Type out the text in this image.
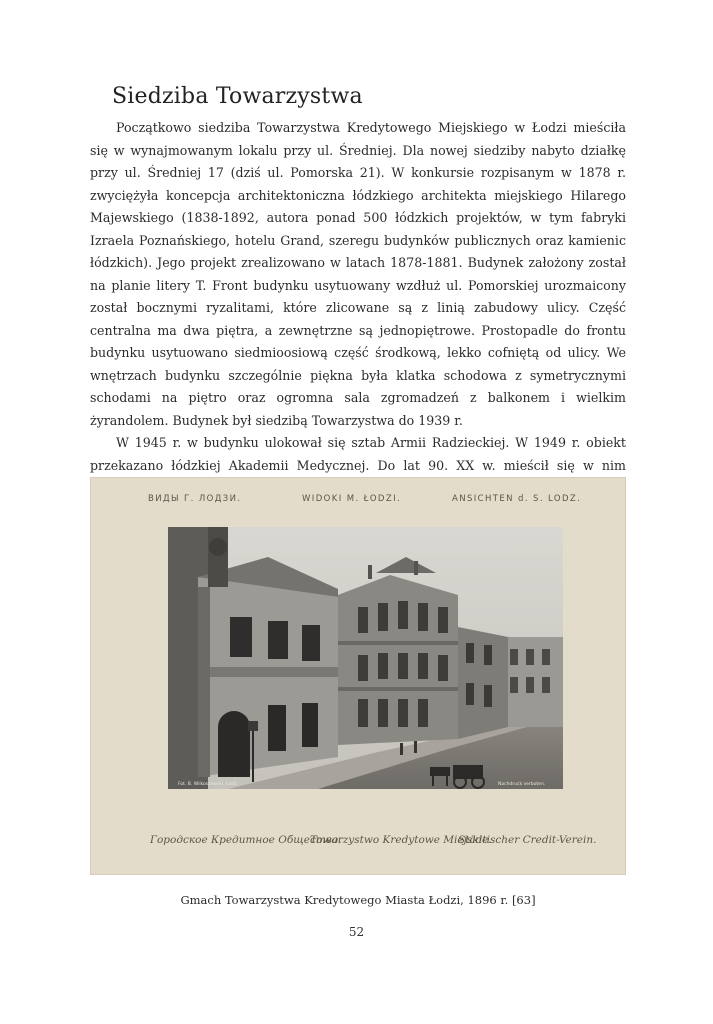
Siedziba Towarzystwa

Początkowo siedziba Towarzystwa Kredytowego Miejskiego w Łodzi mieściła się w wynajmowanym lokalu przy ul. Średniej. Dla nowej siedziby nabyto działkę przy ul. Średniej 17 (dziś ul. Pomorska 21). W konkursie rozpisanym w 1878 r. zwyciężyła koncepcja architektoniczna łódzkiego architekta miejskiego Hilarego Majewskiego (1838-1892, autora ponad 500 łódzkich projektów, w tym fabryki Izraela Poznańskiego, hotelu Grand, szeregu budynków publicznych oraz kamienic łódzkich). Jego projekt zrealizowano w latach 1878-1881. Budynek założony został na planie litery T. Front budynku usytuowany wzdłuż ul. Pomorskiej urozmaicony został bocznymi ryzalitami, które zlicowane są z linią zabudowy ulicy. Część centralna ma dwa piętra, a zewnętrzne są jednopiętrowe. Prostopadle do frontu budynku usytuowano siedmioosiową część środkową, lekko cofniętą od ulicy. We wnętrzach budynku szczególnie piękna była klatka schodowa z symetrycznymi schodami na piętro oraz ogromna sala zgromadzeń z balkonem i wielkim żyrandolem. Budynek był siedzibą Towarzystwa do 1939 r.

W 1945 r. w budynku ulokował się sztab Armii Radzieckiej. W 1949 r. obiekt przekazano łódzkiej Akademii Medycznej. Do lat 90. XX w. mieścił się w nim

ВИДЫ Г. ЛОДЗИ.	WIDOKI M. ŁODZI.	ANSICHTEN d. S. LODZ.
Fot. B. Wilkoszewski, Łódź.	Nachdruck verboten.
Городское Кредитное Общество.
Towarzystwo Kredytowe Miejskie.
Städtischer Credit-Verein.
Gmach Towarzystwa Kredytowego Miasta Łodzi, 1896 r. [63]
52
